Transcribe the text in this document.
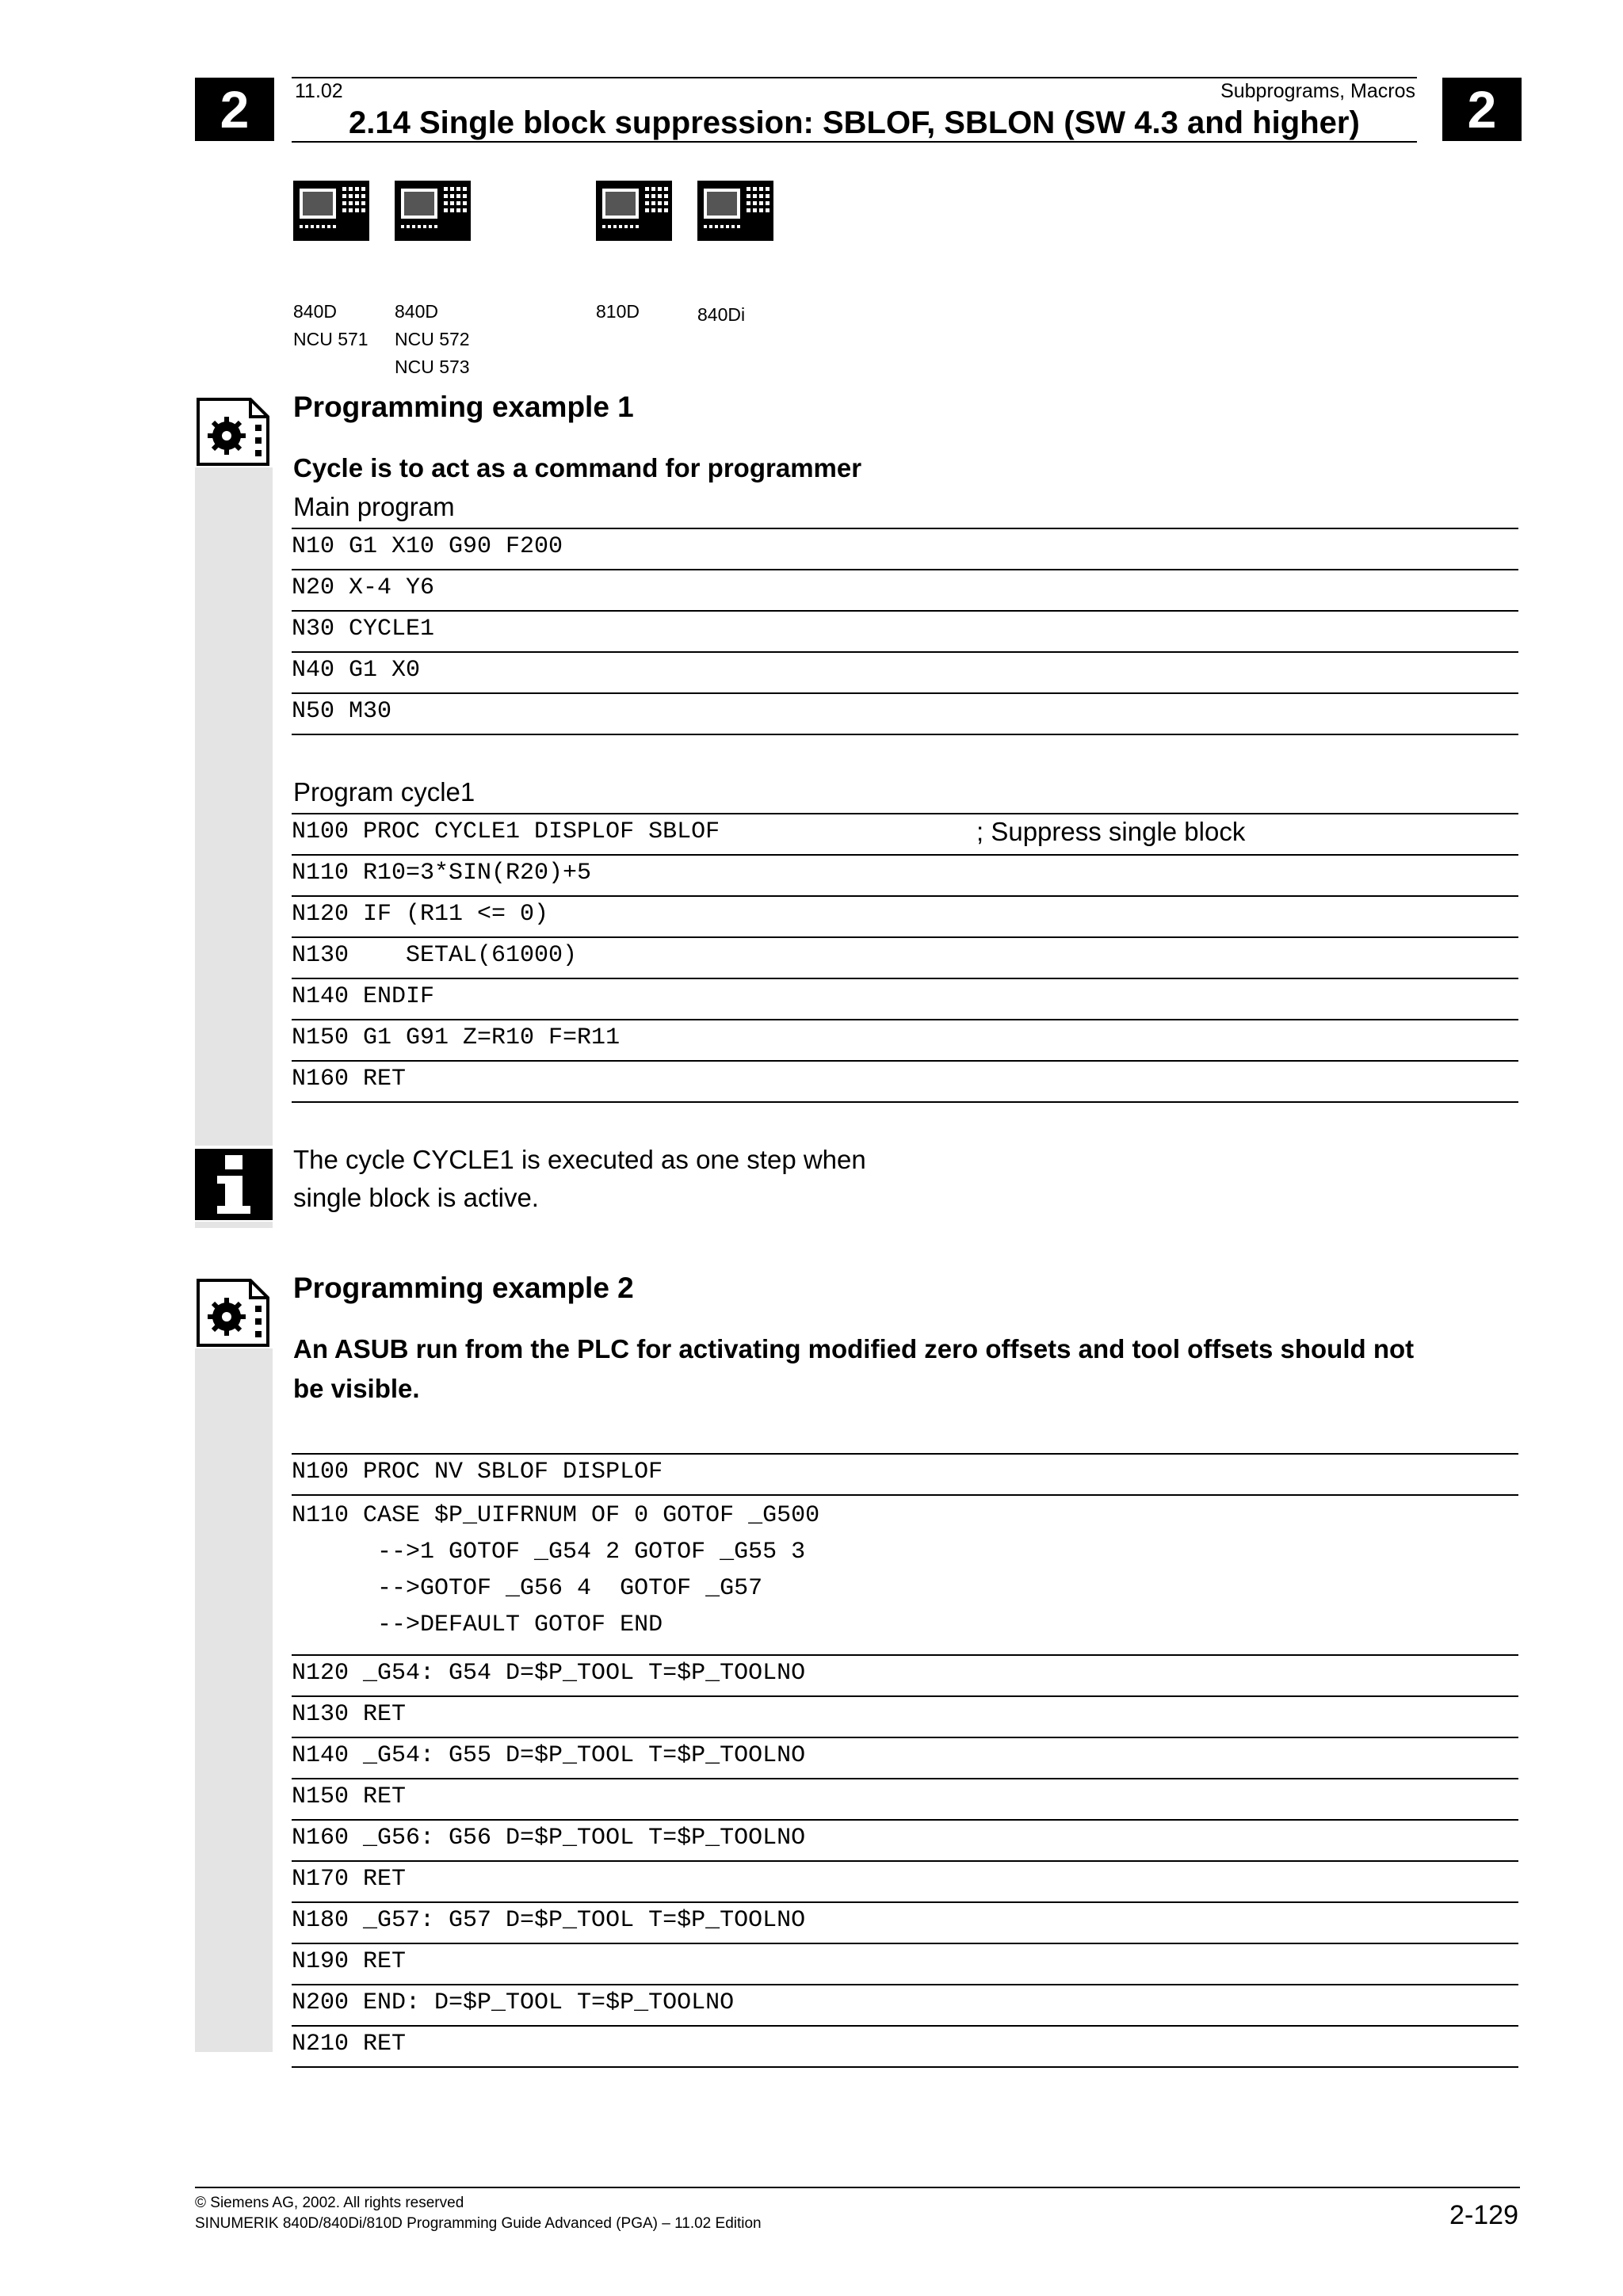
2	2
11.02	Subprograms, Macros
2.14 Single block suppression: SBLOF, SBLON (SW 4.3 and higher)

840D
NCU 571

840D
NCU 572
NCU 573

810D

	840Di

Programming example 1
Cycle is to act as a command for programmer
Main program
N10 G1 X10 G90 F200
N20 X-4 Y6
N30 CYCLE1
N40 G1 X0
N50 M30
Program cycle1
N100 PROC CYCLE1 DISPLOF SBLOF	; Suppress single block
N110 R10=3*SIN(R20)+5
N120 IF (R11 <= 0)
N130    SETAL(61000)
N140 ENDIF
N150 G1 G91 Z=R10 F=R11
N160 RET
The cycle CYCLE1 is executed as one step when
single block is active.
Programming example 2
An ASUB run from the PLC for activating modified zero offsets and tool offsets should not
be visible.
N100 PROC NV SBLOF DISPLOF
N110 CASE $P_UIFRNUM OF 0 GOTOF _G500
-->1 GOTOF _G54 2 GOTOF _G55 3
-->GOTOF _G56 4  GOTOF _G57
-->DEFAULT GOTOF END
N120 _G54: G54 D=$P_TOOL T=$P_TOOLNO
N130 RET
N140 _G54: G55 D=$P_TOOL T=$P_TOOLNO
N150 RET
N160 _G56: G56 D=$P_TOOL T=$P_TOOLNO
N170 RET
N180 _G57: G57 D=$P_TOOL T=$P_TOOLNO
N190 RET
N200 END: D=$P_TOOL T=$P_TOOLNO
N210 RET
© Siemens AG, 2002. All rights reserved
SINUMERIK 840D/840Di/810D Programming Guide Advanced (PGA) – 11.02 Edition	2-129
